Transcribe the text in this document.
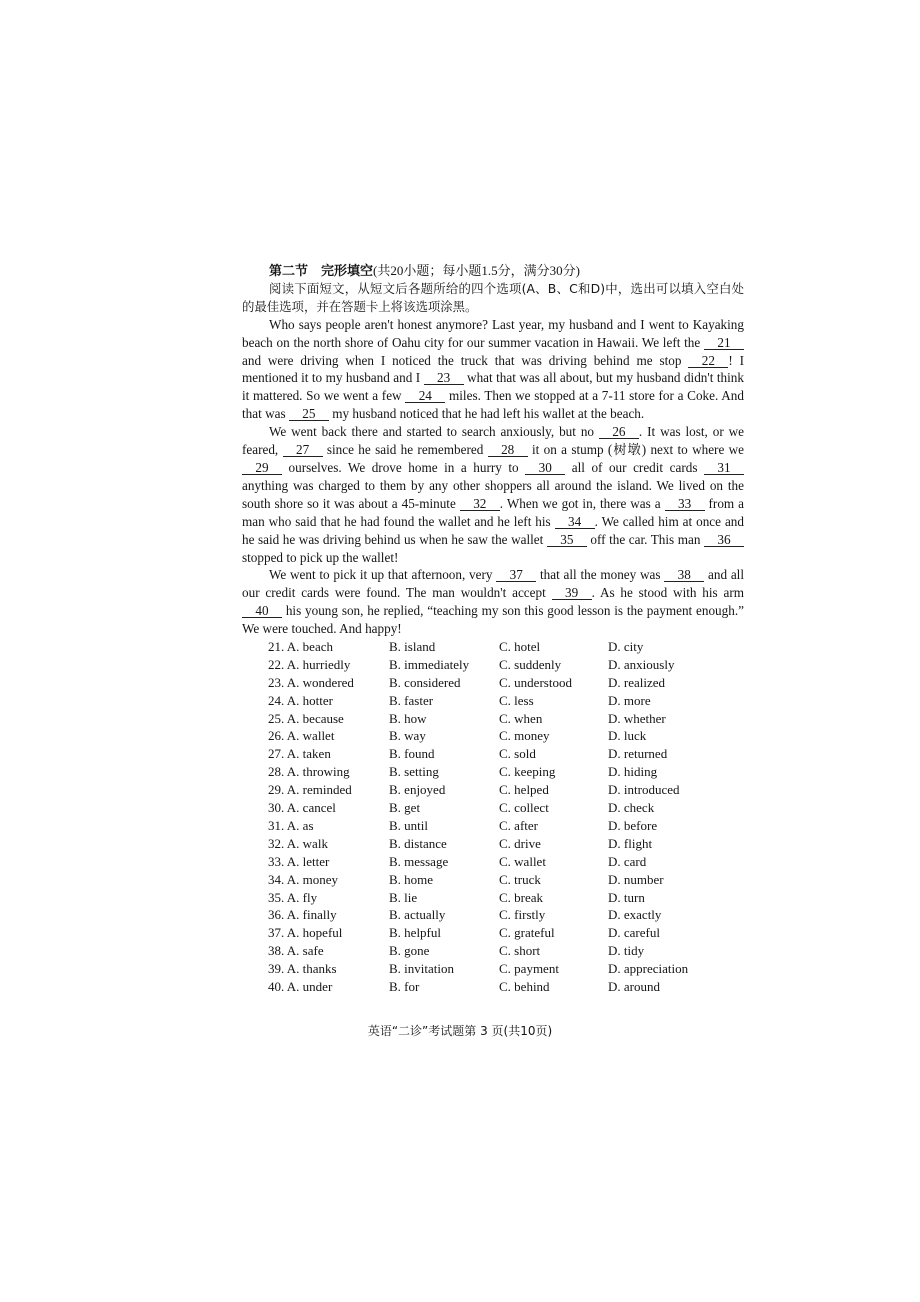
第二节　完形填空(共20小题；每小题1.5分，满分30分)

阅读下面短文，从短文后各题所给的四个选项(A、B、C和D)中，选出可以填入空白处的最佳选项，并在答题卡上将该选项涂黑。

Who says people aren't honest anymore? Last year, my husband and I went to Kayaking beach on the north shore of Oahu city for our summer vacation in Hawaii. We left the 21 and were driving when I noticed the truck that was driving behind me stop 22 ! I mentioned it to my husband and I 23 what that was all about, but my husband didn't think it mattered. So we went a few 24 miles. Then we stopped at a 7-11 store for a Coke. And that was 25 my husband noticed that he had left his wallet at the beach.

We went back there and started to search anxiously, but no 26 . It was lost, or we feared, 27 since he said he remembered 28 it on a stump (树墩) next to where we 29 ourselves. We drove home in a hurry to 30 all of our credit cards 31 anything was charged to them by any other shoppers all around the island. We lived on the south shore so it was about a 45-minute 32 . When we got in, there was a 33 from a man who said that he had found the wallet and he left his 34 . We called him at once and he said he was driving behind us when he saw the wallet 35 off the car. This man 36 stopped to pick up the wallet!

We went to pick it up that afternoon, very 37 that all the money was 38 and all our credit cards were found. The man wouldn't accept 39 . As he stood with his arm 40 his young son, he replied, “teaching my son this good lesson is the payment enough.” We were touched. And happy!

21. A. beach	B. island	C. hotel	D. city
22. A. hurriedly	B. immediately	C. suddenly	D. anxiously
23. A. wondered	B. considered	C. understood	D. realized
24. A. hotter	B. faster	C. less	D. more
25. A. because	B. how	C. when	D. whether
26. A. wallet	B. way	C. money	D. luck
27. A. taken	B. found	C. sold	D. returned
28. A. throwing	B. setting	C. keeping	D. hiding
29. A. reminded	B. enjoyed	C. helped	D. introduced
30. A. cancel	B. get	C. collect	D. check
31. A. as	B. until	C. after	D. before
32. A. walk	B. distance	C. drive	D. flight
33. A. letter	B. message	C. wallet	D. card
34. A. money	B. home	C. truck	D. number
35. A. fly	B. lie	C. break	D. turn
36. A. finally	B. actually	C. firstly	D. exactly
37. A. hopeful	B. helpful	C. grateful	D. careful
38. A. safe	B. gone	C. short	D. tidy
39. A. thanks	B. invitation	C. payment	D. appreciation
40. A. under	B. for	C. behind	D. around
英语“二诊”考试题第 3 页(共10页)
